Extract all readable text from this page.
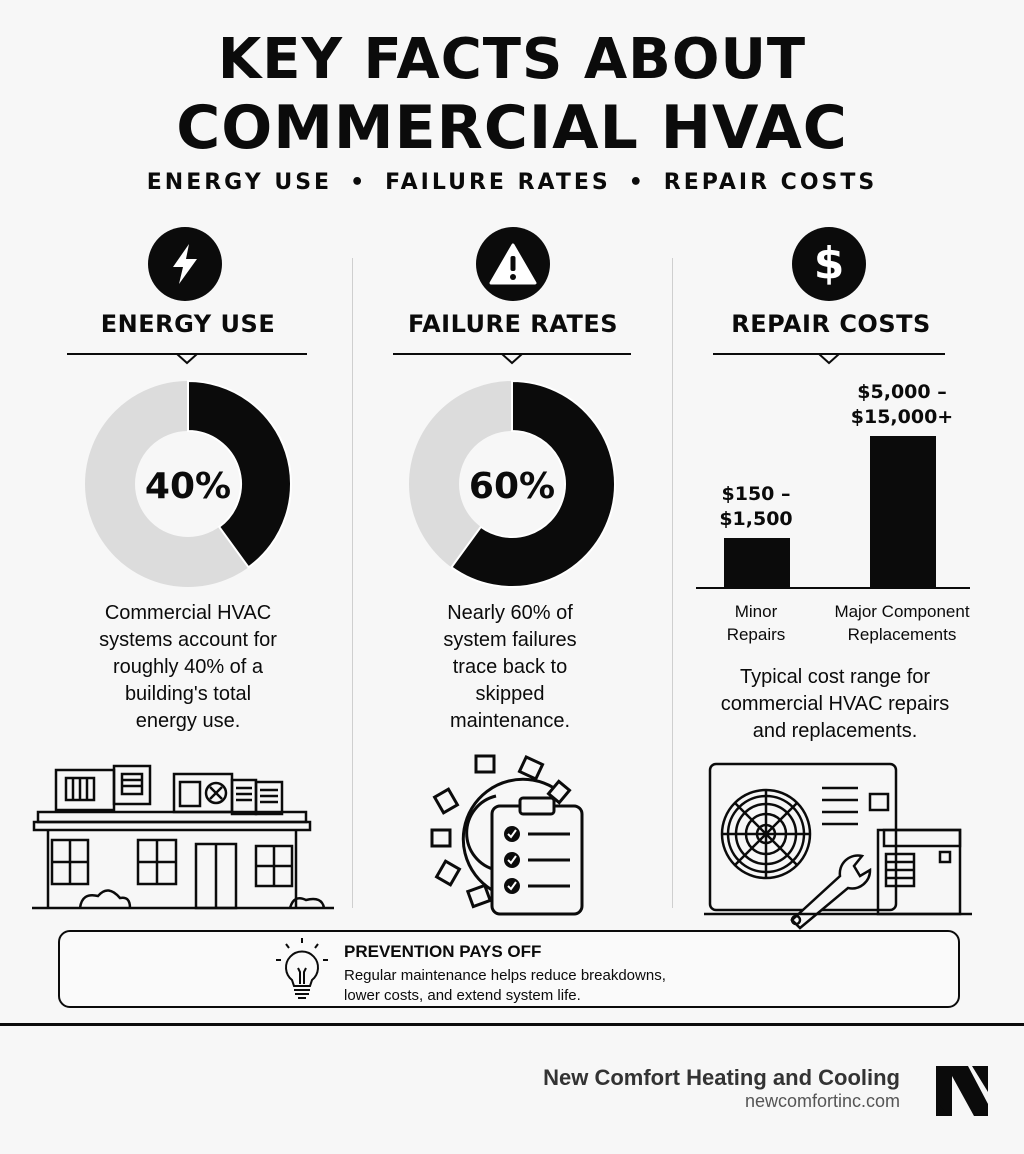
KEY FACTS ABOUT
COMMERCIAL HVAC
ENERGY USE • FAILURE RATES • REPAIR COSTS
ENERGY USE
40%
Commercial HVAC
systems account for
roughly 40% of a
building's total
energy use.
FAILURE RATES
60%
Nearly 60% of
system failures
trace back to
skipped
maintenance.
$
REPAIR COSTS
$150 –
$1,500
$5,000 –
$15,000+
Minor
Repairs
Major Component
Replacements
Typical cost range for
commercial HVAC repairs
and replacements.
PREVENTION PAYS OFF
Regular maintenance helps reduce breakdowns,
lower costs, and extend system life.
New Comfort Heating and Cooling
newcomfortinc.com
